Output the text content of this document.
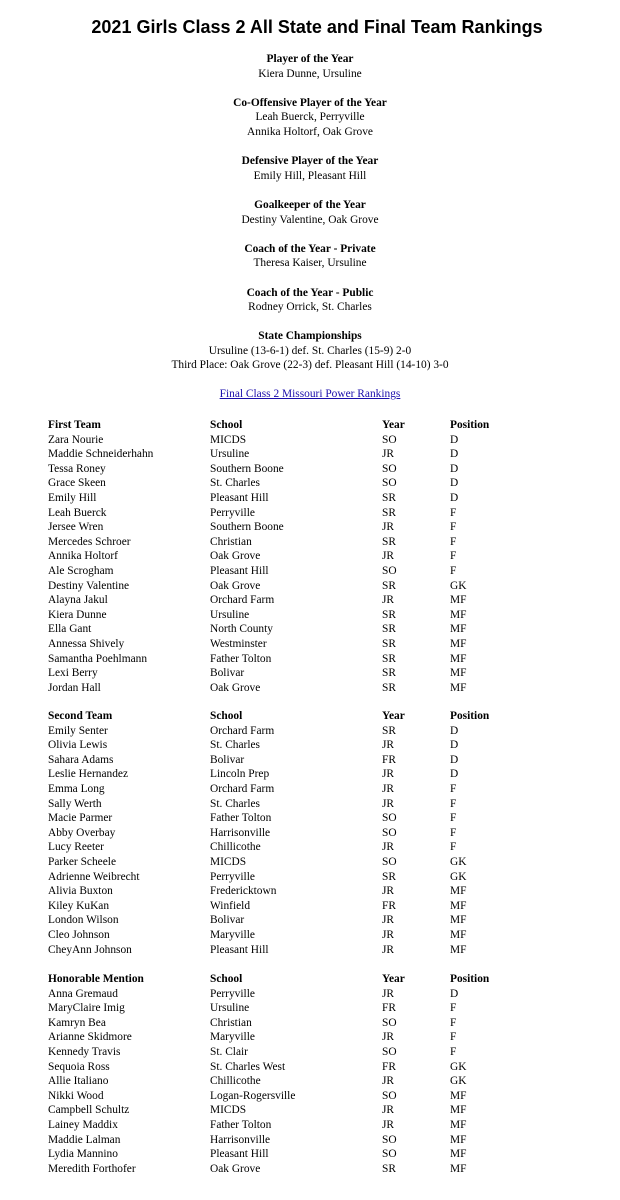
2021 Girls Class 2 All State and Final Team Rankings
Player of the Year
Kiera Dunne, Ursuline
Co-Offensive Player of the Year
Leah Buerck, Perryville
Annika Holtorf, Oak Grove
Defensive Player of the Year
Emily Hill, Pleasant Hill
Goalkeeper of the Year
Destiny Valentine, Oak Grove
Coach of the Year - Private
Theresa Kaiser, Ursuline
Coach of the Year - Public
Rodney Orrick, St. Charles
State Championships
Ursuline (13-6-1) def. St. Charles (15-9) 2-0
Third Place: Oak Grove (22-3) def. Pleasant Hill (14-10) 3-0
Final Class 2 Missouri Power Rankings
First Team	School	Year	Position
Zara Nourie	MICDS	SO	D
Maddie Schneiderhahn	Ursuline	JR	D
Tessa Roney	Southern Boone	SO	D
Grace Skeen	St. Charles	SO	D
Emily Hill	Pleasant Hill	SR	D
Leah Buerck	Perryville	SR	F
Jersee Wren	Southern Boone	JR	F
Mercedes Schroer	Christian	SR	F
Annika Holtorf	Oak Grove	JR	F
Ale Scrogham	Pleasant Hill	SO	F
Destiny Valentine	Oak Grove	SR	GK
Alayna Jakul	Orchard Farm	JR	MF
Kiera Dunne	Ursuline	SR	MF
Ella Gant	North County	SR	MF
Annessa Shively	Westminster	SR	MF
Samantha Poehlmann	Father Tolton	SR	MF
Lexi Berry	Bolivar	SR	MF
Jordan Hall	Oak Grove	SR	MF
Second Team	School	Year	Position
Emily Senter	Orchard Farm	SR	D
Olivia Lewis	St. Charles	JR	D
Sahara Adams	Bolivar	FR	D
Leslie Hernandez	Lincoln Prep	JR	D
Emma Long	Orchard Farm	JR	F
Sally Werth	St. Charles	JR	F
Macie Parmer	Father Tolton	SO	F
Abby Overbay	Harrisonville	SO	F
Lucy Reeter	Chillicothe	JR	F
Parker Scheele	MICDS	SO	GK
Adrienne Weibrecht	Perryville	SR	GK
Alivia Buxton	Fredericktown	JR	MF
Kiley KuKan	Winfield	FR	MF
London Wilson	Bolivar	JR	MF
Cleo Johnson	Maryville	JR	MF
CheyAnn Johnson	Pleasant Hill	JR	MF
Honorable Mention	School	Year	Position
Anna Gremaud	Perryville	JR	D
MaryClaire Imig	Ursuline	FR	F
Kamryn Bea	Christian	SO	F
Arianne Skidmore	Maryville	JR	F
Kennedy Travis	St. Clair	SO	F
Sequoia Ross	St. Charles West	FR	GK
Allie Italiano	Chillicothe	JR	GK
Nikki Wood	Logan-Rogersville	SO	MF
Campbell Schultz	MICDS	JR	MF
Lainey Maddix	Father Tolton	JR	MF
Maddie Lalman	Harrisonville	SO	MF
Lydia Mannino	Pleasant Hill	SO	MF
Meredith Forthofer	Oak Grove	SR	MF
